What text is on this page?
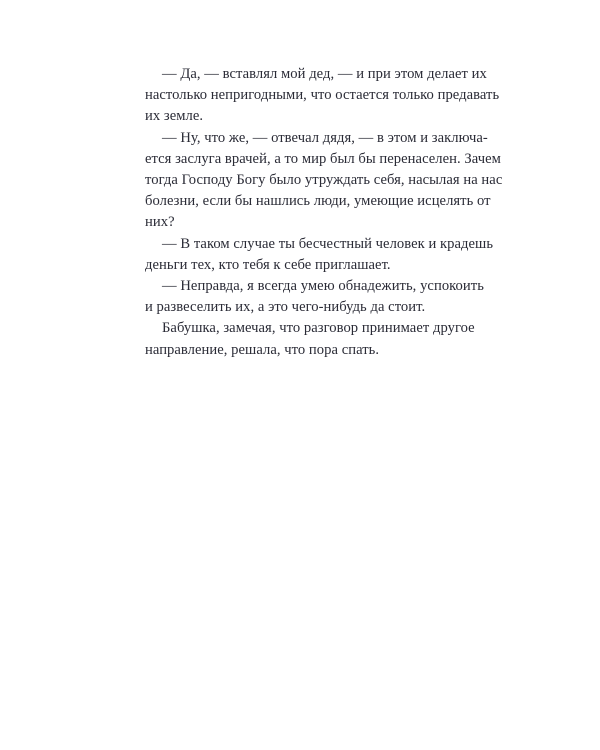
— Да, — вставлял мой дед, — и при этом делает их
настолько непригодными, что остается только предавать
их земле.
— Ну, что же, — отвечал дядя, — в этом и заключа-
ется заслуга врачей, а то мир был бы перенаселен. Зачем
тогда Господу Богу было утруждать себя, насылая на нас
болезни, если бы нашлись люди, умеющие исцелять от
них?
— В таком случае ты бесчестный человек и крадешь
деньги тех, кто тебя к себе приглашает.
— Неправда, я всегда умею обнадежить, успокоить
и развеселить их, а это чего-нибудь да стоит.
Бабушка, замечая, что разговор принимает другое
направление, решала, что пора спать.
